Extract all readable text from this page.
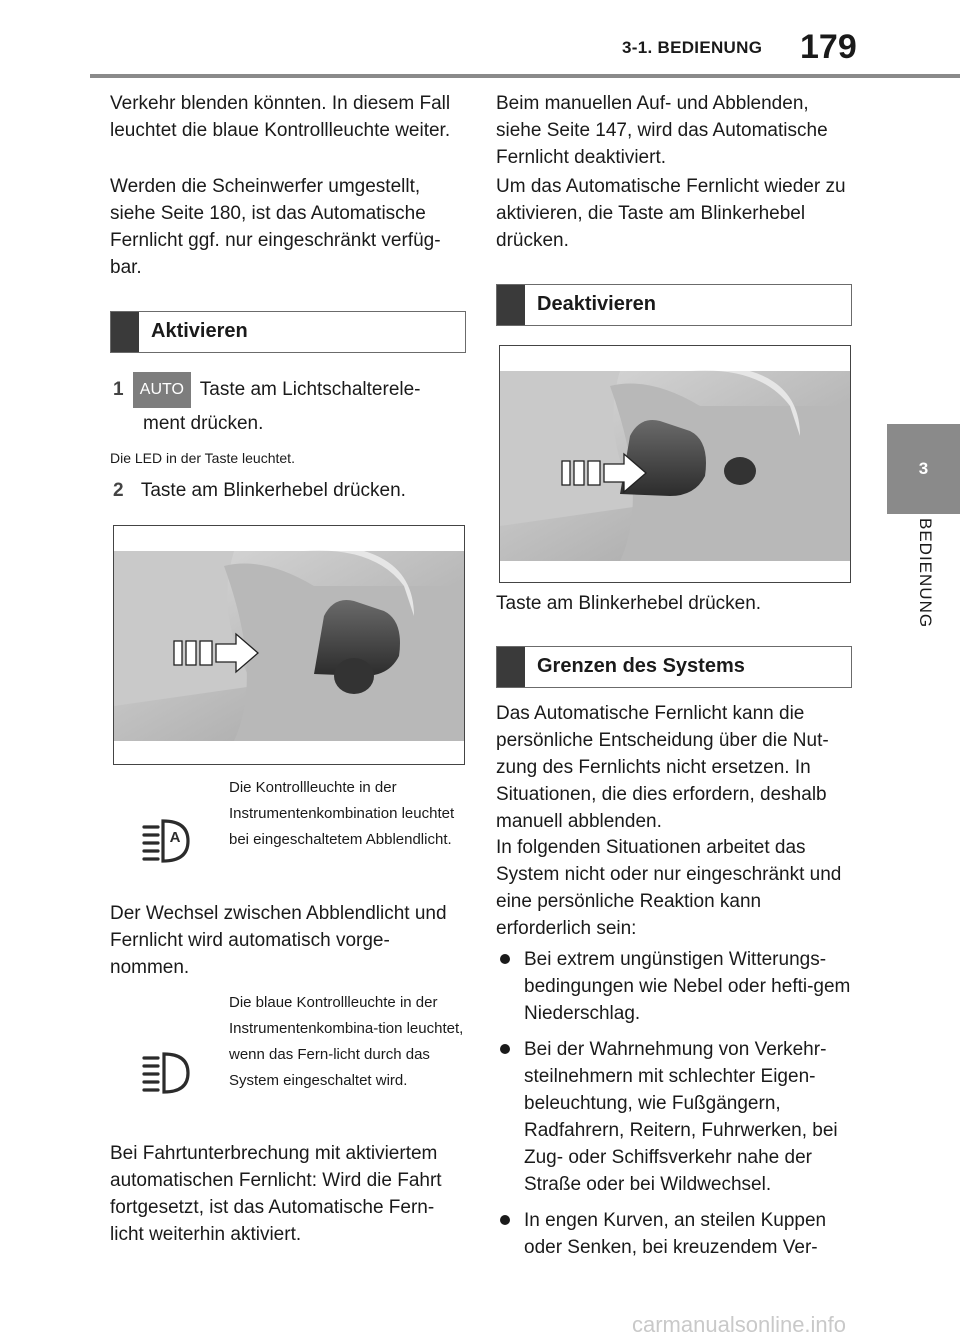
3-1. BEDIENUNG 179
3
BEDIENUNG
Verkehr blenden könnten. In diesem Fall leuchtet die blaue Kontrollleuchte weiter.
Werden die Scheinwerfer umgestellt, siehe Seite 180, ist das Automatische Fernlicht ggf. nur eingeschränkt verfüg-bar.
Aktivieren
1 AUTO Taste am Lichtschalterele-
ment drücken.
Die LED in der Taste leuchtet.
2 Taste am Blinkerhebel drücken.
A
Die Kontrollleuchte in der Instrumentenkombination leuchtet bei eingeschaltetem Abblendlicht.
Der Wechsel zwischen Abblendlicht und Fernlicht wird automatisch vorge-nommen.
Die blaue Kontrollleuchte in der Instrumentenkombina-tion leuchtet, wenn das Fern-licht durch das System eingeschaltet wird.
Bei Fahrtunterbrechung mit aktiviertem automatischen Fernlicht: Wird die Fahrt fortgesetzt, ist das Automatische Fern-licht weiterhin aktiviert.
Beim manuellen Auf- und Abblenden, siehe Seite 147, wird das Automatische Fernlicht deaktiviert.
Um das Automatische Fernlicht wieder zu aktivieren, die Taste am Blinkerhebel drücken.
Deaktivieren
Taste am Blinkerhebel drücken.
Grenzen des Systems
Das Automatische Fernlicht kann die persönliche Entscheidung über die Nut-zung des Fernlichts nicht ersetzen. In Situationen, die dies erfordern, deshalb manuell abblenden.
In folgenden Situationen arbeitet das System nicht oder nur eingeschränkt und eine persönliche Reaktion kann erforderlich sein:
Bei extrem ungünstigen Witterungs-bedingungen wie Nebel oder hefti-gem Niederschlag.
Bei der Wahrnehmung von Verkehr-steilnehmern mit schlechter Eigen-beleuchtung, wie Fußgängern, Radfahrern, Reitern, Fuhrwerken, bei Zug- oder Schiffsverkehr nahe der Straße oder bei Wildwechsel.
In engen Kurven, an steilen Kuppen oder Senken, bei kreuzendem Ver-
carmanualsonline.info
